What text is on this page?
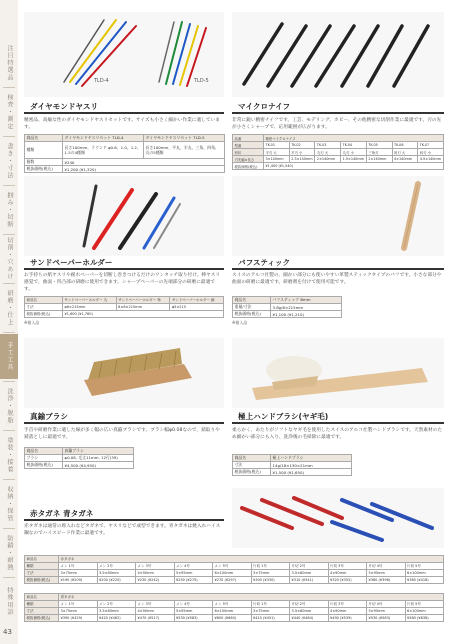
注目特選品
検査・測定
書き・寸法
掴み・切断
切削・穴あけ
研磨・仕上
手工工具
洗浄・脱脂
塗装・接着
収納・保管
防錆・耐熱
特殊用語
43
TLD-4	TLD-5
ダイヤモンドヤスリ
精密品、高級な性のダイヤモンドヤスリセットです。サイズも小さく細かい作業に適しています。
商品名	ダイヤモンドヤスリセット TLD-4	ダイヤモンドヤスリセット TLD-5
種類	長さ100mm、ラウンド φ0.6、1.0、1.2、1.5の4種類	長さ100mm、平丸、半丸、三角、四角、丸の5種類
個数	¥240	
税抜価格(税込)	¥1,200 (¥1,320)	
マイクロナイフ
非常に鋭い精密ナイフです。工芸、モデリング、ホビー、その他精密な切削作業に最適です。刃の先が小さくシャープで、応用範囲が広がります。
品番	精密マイクロナイフ						
型番	TK-01	TK-02	TK-03	TK-04	TK-05	TK-06	TK-07
形状	平刃 大	平刃 小	丸刃 大	丸刃 小	三角刃	斜刃 大	斜刃 小
刃先幅×長さ	3×140mm	2.5×140mm	2×140mm	1.5×140mm	2×140mm	4×140mm	4.5×140mm
税抜価格(税込)	¥1,400 (¥1,540)						
サンドペーパーホルダー
お手持ちの紙ヤスリや耐水ペーパーを切断し巻きつけるだけのワンタッチ取り付け。棒ヤスリ感覚で、曲面・凹凸部の研磨に使用できます。シャープペーパーの先端部分の研磨に最適です。
商品名	サンドペーパーホルダー 丸	サンドペーパーホルダー 角	サンドペーパーホルダー 細
寸法	φ6×215mm	8×8×215mm	φ5×215
税抜価格(税込)	¥1,600 (¥1,760)		
※箱入品
バフスティック
スイスのアルコ社製の、細かい部分にも使いやすい革製スティックタイプのバフです。小さな部分や曲面の研磨に最適です。研磨剤を付けて使用可能です。
商品名	バフスティック 6mm
重量/寸法	3.8g/6×215mm
税抜価格(税込)	¥1,100 (¥1,210)
※箱入品
真鍮ブラシ
手首や研磨作業に適した線が多く幅の広い真鍮ブラシです。ブラシ幅φ0.08なので、錆取りや錆落としに最適です。
商品名	真鍮ブラシ
ブラシ	φ0.08, 毛丈11mm, 12行(39)
税抜価格(税込)	¥4,500 (¥4,950)
極上ハンドブラシ(ヤギ毛)
柔らかく、あたりがソフトなヤギ毛を使用したスイスのアルコ社製ハンドブラシです。天然素材のため細かい部分にも入り、洗浄後の毛掃除に最適です。
商品名	極上ハンドブラシ
寸法	14g/18×130×21mm
税抜価格(税込)	¥1,500 (¥1,650)
赤タガネ 青タガネ
赤タガネは通常の彫入れなどタガネで、ヤスリなどで成型できます。青タガネは焼入れハイス鋼なのでハイスピード作業に最適です。
商品名	赤タガネ									
種類	メン 1号	メン 2号	メン 3号	メン 4号	メン 5号	片切 1号	片切 2号	片切 3号	片切 4号	片切 5号
寸法	3×75mm	3.5×80mm	4×90mm	5×95mm	6×100mm	3×75mm	3.5×80mm	4×90mm	5×95mm	6×100mm
税抜価格(税込)	¥190 (¥209)	¥200 (¥220)	¥230 (¥242)	¥250 (¥275)	¥270 (¥297)	¥300 (¥330)	¥310 (¥341)	¥320 (¥352)	¥360 (¥396)	¥380 (¥418)
商品名	青タガネ									
種類	メン 1号	メン 2号	メン 3号	メン 4号	メン 5号	片切 1号	片切 2号	片切 3号	片切 4号	片切 5号
寸法	3×75mm	3.5×80mm	4×90mm	5×95mm	6×100mm	3×75mm	3.5×80mm	4×90mm	5×95mm	6×100mm
税抜価格(税込)	¥390 (¥429)	¥420 (¥462)	¥470 (¥517)	¥530 (¥583)	¥600 (¥660)	¥410 (¥451)	¥440 (¥484)	¥490 (¥539)	¥530 (¥583)	¥580 (¥638)
